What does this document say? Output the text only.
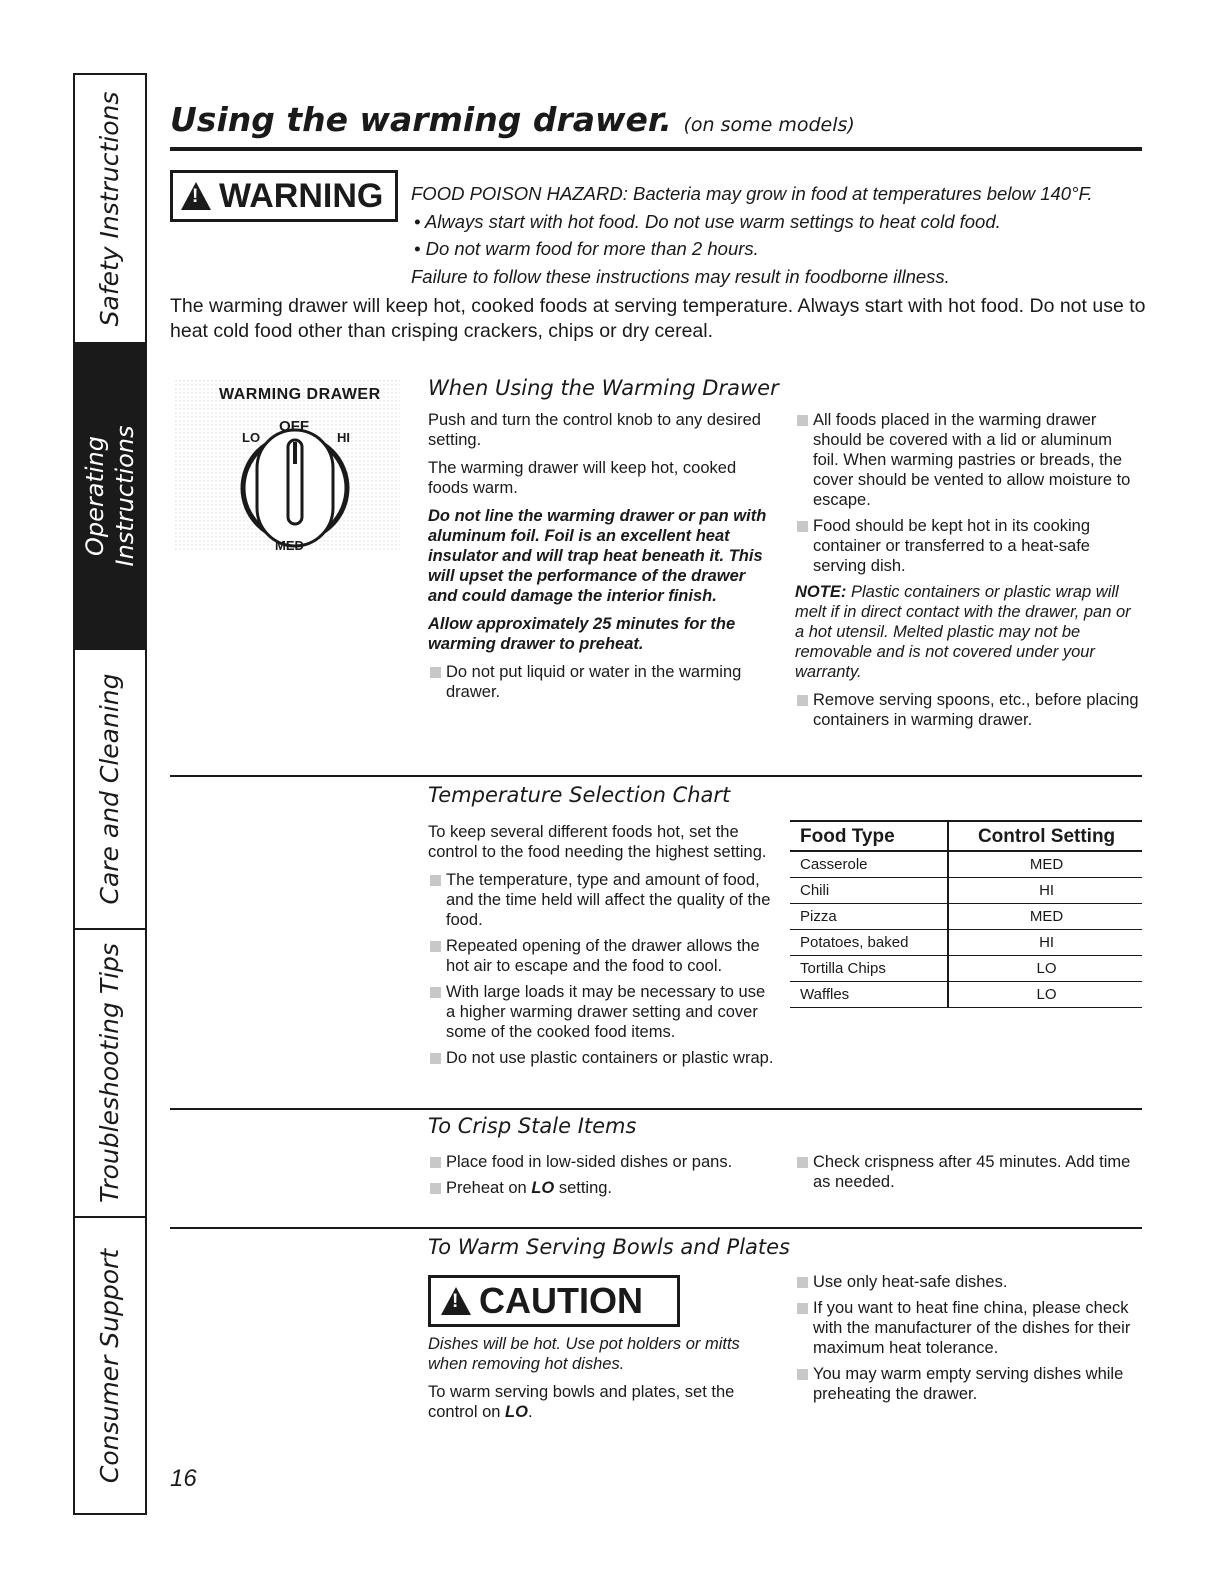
Safety Instructions
Operating Instructions
Care and Cleaning
Troubleshooting Tips
Consumer Support
Using the warming drawer. (on some models)
!
WARNING FOOD POISON HAZARD: Bacteria may grow in food at temperatures below 140°F.
• Always start with hot food. Do not use warm settings to heat cold food.
• Do not warm food for more than 2 hours.
Failure to follow these instructions may result in foodborne illness.
The warming drawer will keep hot, cooked foods at serving temperature. Always start with hot food. Do not use to heat cold food other than crisping crackers, chips or dry cereal.
WARMING DRAWER
OFF
LO	HI
MED
When Using the Warming Drawer

Push and turn the control knob to any desired setting.

The warming drawer will keep hot, cooked foods warm.

Do not line the warming drawer or pan with aluminum foil. Foil is an excellent heat insulator and will trap heat beneath it. This will upset the performance of the drawer and could damage the interior finish.

Allow approximately 25 minutes for the warming drawer to preheat.

Do not put liquid or water in the warming drawer.

All foods placed in the warming drawer should be covered with a lid or aluminum foil. When warming pastries or breads, the cover should be vented to allow moisture to escape.

Food should be kept hot in its cooking container or transferred to a heat-safe serving dish.

NOTE: Plastic containers or plastic wrap will melt if in direct contact with the drawer, pan or a hot utensil. Melted plastic may not be removable and is not covered under your warranty.

Remove serving spoons, etc., before placing containers in warming drawer.

Temperature Selection Chart

To keep several different foods hot, set the control to the food needing the highest setting.

The temperature, type and amount of food, and the time held will affect the quality of the food.

Repeated opening of the drawer allows the hot air to escape and the food to cool.

With large loads it may be necessary to use a higher warming drawer setting and cover some of the cooked food items.

Do not use plastic containers or plastic wrap.

Food Type	Control Setting
Casserole	MED
Chili	HI
Pizza	MED
Potatoes, baked	HI
Tortilla Chips	LO
Waffles	LO
To Crisp Stale Items

Place food in low-sided dishes or pans.

Preheat on LO setting.

Check crispness after 45 minutes. Add time as needed.

To Warm Serving Bowls and Plates
!
CAUTION

Dishes will be hot. Use pot holders or mitts when removing hot dishes.

To warm serving bowls and plates, set the control on LO.

Use only heat-safe dishes.

If you want to heat fine china, please check with the manufacturer of the dishes for their maximum heat tolerance.

You may warm empty serving dishes while preheating the drawer.

16
